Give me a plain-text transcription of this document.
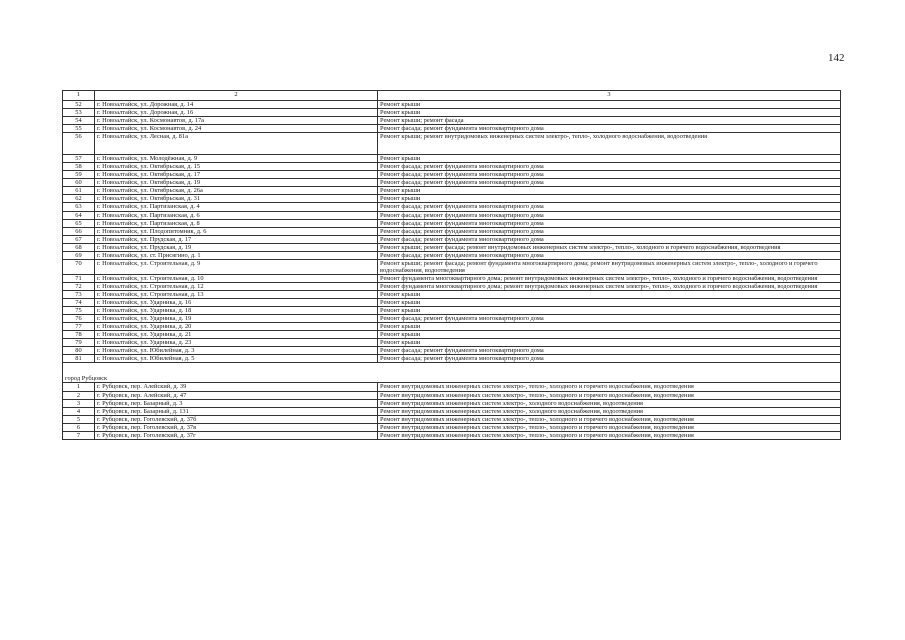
142
1	2	3
52	г. Новоалтайск, ул. Дорожная, д. 14	Ремонт крыши
53	г. Новоалтайск, ул. Дорожная, д. 16	Ремонт крыши
54	г. Новоалтайск, ул. Космонавтов, д. 17а	Ремонт крыши; ремонт фасада
55	г. Новоалтайск, ул. Космонавтов, д. 24	Ремонт фасада; ремонт фундамента многоквартирного дома
56	г. Новоалтайск, ул. Лесная, д. 81а	Ремонт крыши; ремонт внутридомовых инженерных систем электро-, тепло-, холодного водоснабжения, водоотведения
57	г. Новоалтайск, ул. Молодёжная, д. 9	Ремонт крыши
58	г. Новоалтайск, ул. Октябрьская, д. 15	Ремонт фасада; ремонт фундамента многоквартирного дома
59	г. Новоалтайск, ул. Октябрьская, д. 17	Ремонт фасада; ремонт фундамента многоквартирного дома
60	г. Новоалтайск, ул. Октябрьская, д. 19	Ремонт фасада; ремонт фундамента многоквартирного дома
61	г. Новоалтайск, ул. Октябрьская, д. 26а	Ремонт крыши
62	г. Новоалтайск, ул. Октябрьская, д. 31	Ремонт крыши
63	г. Новоалтайск, ул. Партизанская, д. 4	Ремонт фасада; ремонт фундамента многоквартирного дома
64	г. Новоалтайск, ул. Партизанская, д. 6	Ремонт фасада; ремонт фундамента многоквартирного дома
65	г. Новоалтайск, ул. Партизанская, д. 8	Ремонт фасада; ремонт фундамента многоквартирного дома
66	г. Новоалтайск, ул. Плодопитомник, д. 6	Ремонт фасада; ремонт фундамента многоквартирного дома
67	г. Новоалтайск, ул. Прудская, д. 17	Ремонт фасада; ремонт фундамента многоквартирного дома
68	г. Новоалтайск, ул. Прудская, д. 19	Ремонт крыши; ремонт фасада; ремонт внутридомовых инженерных систем электро-, тепло-, холодного и горячего водоснабжения, водоотведения
69	г. Новоалтайск, ул. ст. Присягино, д. 1	Ремонт фасада; ремонт фундамента многоквартирного дома
70	г. Новоалтайск, ул. Строительная, д. 9	Ремонт крыши; ремонт фасада; ремонт фундамента многоквартирного дома; ремонт внутридомовых инженерных систем электро-, тепло-, холодного и горячего водоснабжения, водоотведения
71	г. Новоалтайск, ул. Строительная, д. 10	Ремонт фундамента многоквартирного дома; ремонт внутридомовых инженерных систем электро-, тепло-, холодного и горячего водоснабжения, водоотведения
72	г. Новоалтайск, ул. Строительная, д. 12	Ремонт фундамента многоквартирного дома; ремонт внутридомовых инженерных систем электро-, тепло-, холодного и горячего водоснабжения, водоотведения
73	г. Новоалтайск, ул. Строительная, д. 13	Ремонт крыши
74	г. Новоалтайск, ул. Ударника, д. 16	Ремонт крыши
75	г. Новоалтайск, ул. Ударника, д. 18	Ремонт крыши
76	г. Новоалтайск, ул. Ударника, д. 19	Ремонт фасада; ремонт фундамента многоквартирного дома
77	г. Новоалтайск, ул. Ударника, д. 20	Ремонт крыши
78	г. Новоалтайск, ул. Ударника, д. 21	Ремонт крыши
79	г. Новоалтайск, ул. Ударника, д. 23	Ремонт крыши
80	г. Новоалтайск, ул. Юбилейная, д. 3	Ремонт фасада; ремонт фундамента многоквартирного дома
81	г. Новоалтайск, ул. Юбилейная, д. 5	Ремонт фасада; ремонт фундамента многоквартирного дома
город Рубцовск		
1	г. Рубцовск, пер. Алейский, д. 39	Ремонт внутридомовых инженерных систем электро-, тепло-, холодного и горячего водоснабжения, водоотведения
2	г. Рубцовск, пер. Алейский, д. 47	Ремонт внутридомовых инженерных систем электро-, тепло-, холодного и горячего водоснабжения, водоотведения
3	г. Рубцовск, пер. Базарный, д. 3	Ремонт внутридомовых инженерных систем электро-, холодного водоснабжения, водоотведения
4	г. Рубцовск, пер. Базарный, д. 131	Ремонт внутридомовых инженерных систем электро-, холодного водоснабжения, водоотведения
5	г. Рубцовск, пер. Гоголевский, д. 37б	Ремонт внутридомовых инженерных систем электро-, тепло-, холодного и горячего водоснабжения, водоотведения
6	г. Рубцовск, пер. Гоголевский, д. 37в	Ремонт внутридомовых инженерных систем электро-, тепло-, холодного и горячего водоснабжения, водоотведения
7	г. Рубцовск, пер. Гоголевский, д. 37г	Ремонт внутридомовых инженерных систем электро-, тепло-, холодного и горячего водоснабжения, водоотведения
